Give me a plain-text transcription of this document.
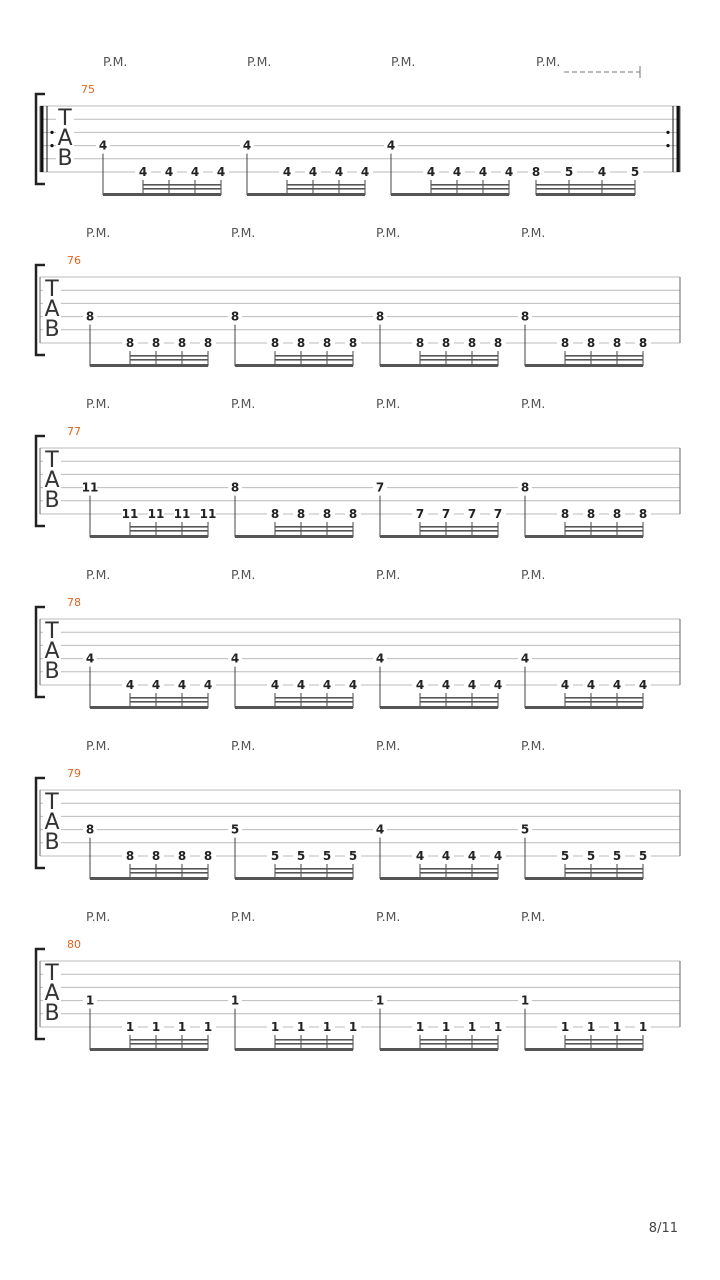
P.M.	P.M.	P.M.	P.M.
75
T
A
B
4
4 4 4 4
4
4 4 4 4
4
4 4 4 4 8 5 4 5
P.M.	P.M.	P.M.	P.M.
76
T
A
B
8
8 8 8 8
8
8 8 8 8
8
8 8 8 8
8
8 8 8 8
P.M.	P.M.	P.M.	P.M.
77
T
A
B
11
11 11 11 11
8
8 8 8 8
7
7 7 7 7
8
8 8 8 8
P.M.	P.M.	P.M.	P.M.
78
T
A
B
4
4 4 4 4
4
4 4 4 4
4
4 4 4 4
4
4 4 4 4
P.M.	P.M.	P.M.	P.M.
79
T
A
B
8
8 8 8 8
5
5 5 5 5
4
4 4 4 4
5
5 5 5 5
P.M.	P.M.	P.M.	P.M.
80
T
A
B
1
1 1 1 1
1
1 1 1 1
1
1 1 1 1
1
1 1 1 1
8/11
